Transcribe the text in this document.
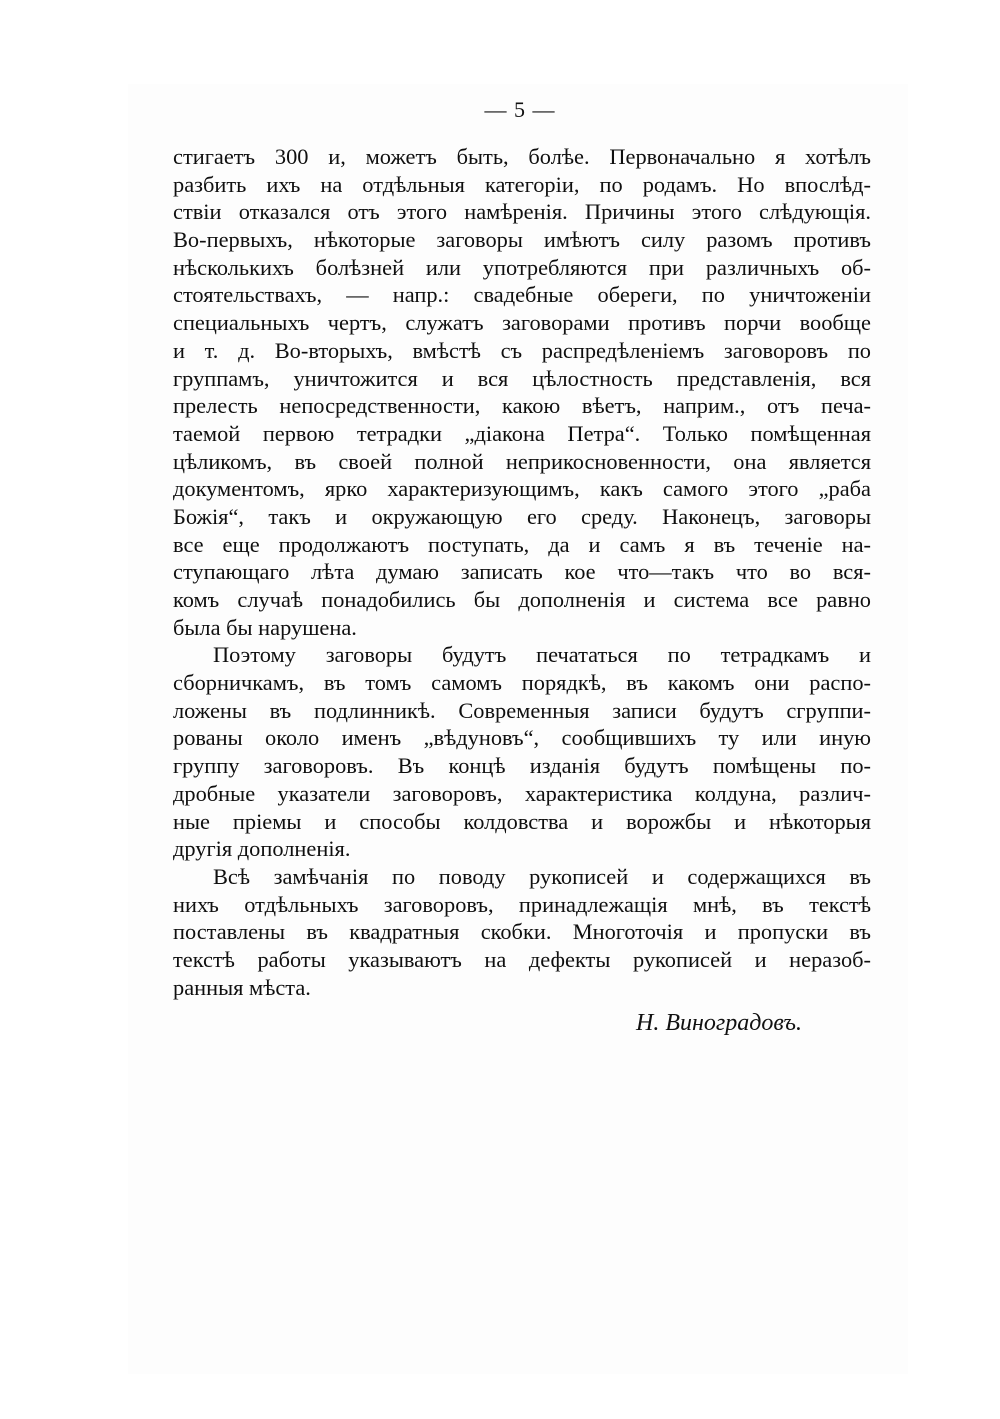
— 5 —
стигаетъ 300 и, можетъ быть, болѣе. Первоначально я хотѣлъ
разбить ихъ на отдѣльныя категорiи, по родамъ. Но впослѣд-
ствiи отказался отъ этого намѣренiя. Причины этого слѣдующiя.
Во-первыхъ, нѣкоторые заговоры имѣютъ силу разомъ противъ
нѣсколькихъ болѣзней или употребляются при различныхъ об-
стоятельствахъ, — напр.: свадебные обереги, по уничтоженiи
специальныхъ чертъ, служатъ заговорами противъ порчи вообще
и т. д. Во-вторыхъ, вмѣстѣ съ распредѣленiемъ заговоровъ по
группамъ, уничтожится и вся цѣлостность представленiя, вся
прелесть непосредственности, какою вѣетъ, наприм., отъ печа-
таемой первою тетрадки „дiакона Петра“. Только помѣщенная
цѣликомъ, въ своей полной неприкосновенности, она является
документомъ, ярко характеризующимъ, какъ самого этого „раба
Божiя“, такъ и окружающую его среду. Наконецъ, заговоры
все еще продолжаютъ поступать, да и самъ я въ теченiе на-
ступающаго лѣта думаю записать кое что—такъ что во вся-
комъ случаѣ понадобились бы дополненiя и система все равно
была бы нарушена.
Поэтому заговоры будутъ печататься по тетрадкамъ и
сборничкамъ, въ томъ самомъ порядкѣ, въ какомъ они распо-
ложены въ подлинникѣ. Современныя записи будутъ сгруппи-
рованы около именъ „вѣдуновъ“, сообщившихъ ту или иную
группу заговоровъ. Въ концѣ изданiя будутъ помѣщены по-
дробные указатели заговоровъ, характеристика колдуна, различ-
ные прiемы и способы колдовства и ворожбы и нѣкоторыя
другiя дополненiя.
Всѣ замѣчанiя по поводу рукописей и содержащихся въ
нихъ отдѣльныхъ заговоровъ, принадлежащiя мнѣ, въ текстѣ
поставлены въ квадратныя скобки. Многоточiя и пропуски въ
текстѣ работы указываютъ на дефекты рукописей и неразоб-
ранныя мѣста.
Н. Виноградовъ.
